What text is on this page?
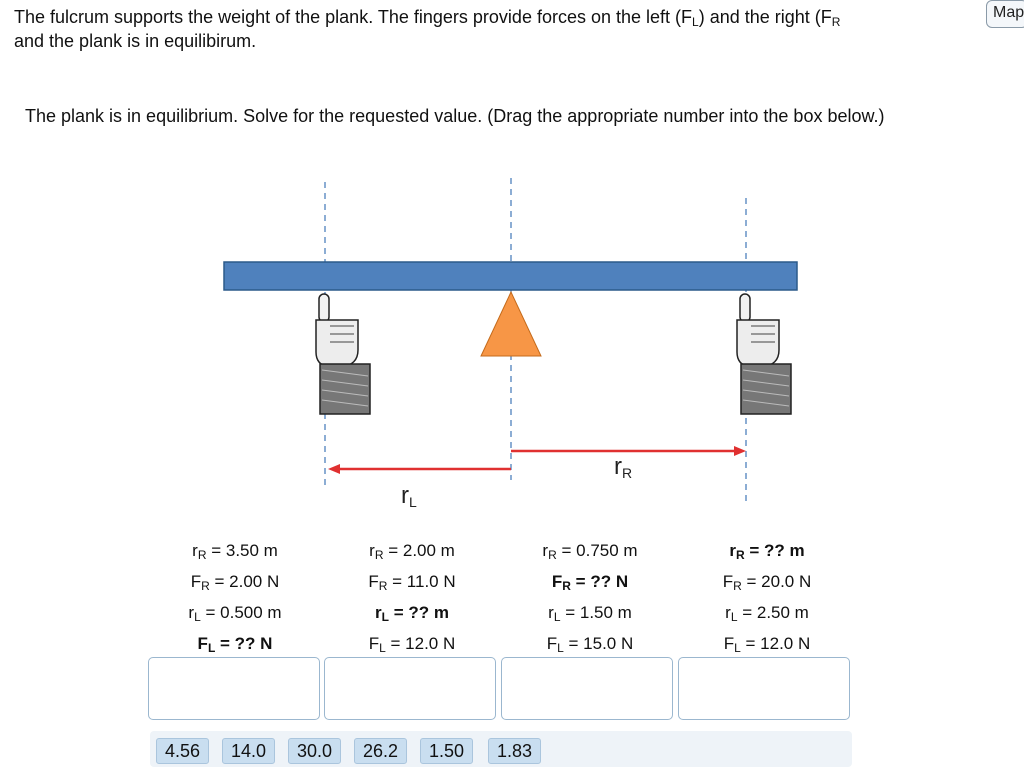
The fulcrum supports the weight of the plank. The fingers provide forces on the left (FL) and the right (FR
and the plank is in equilibirum.
Map
The plank is in equilibrium. Solve for the requested value. (Drag the appropriate number into the box below.)
rL
rR
rR = 3.50 m
FR = 2.00 N
rL = 0.500 m
FL = ?? N
rR = 2.00 m
FR = 11.0 N
rL = ?? m
FL = 12.0 N
rR = 0.750 m
FR = ?? N
rL = 1.50 m
FL = 15.0 N
rR = ?? m
FR = 20.0 N
rL = 2.50 m
FL = 12.0 N
4.56	14.0	30.0	26.2	1.50	1.83
